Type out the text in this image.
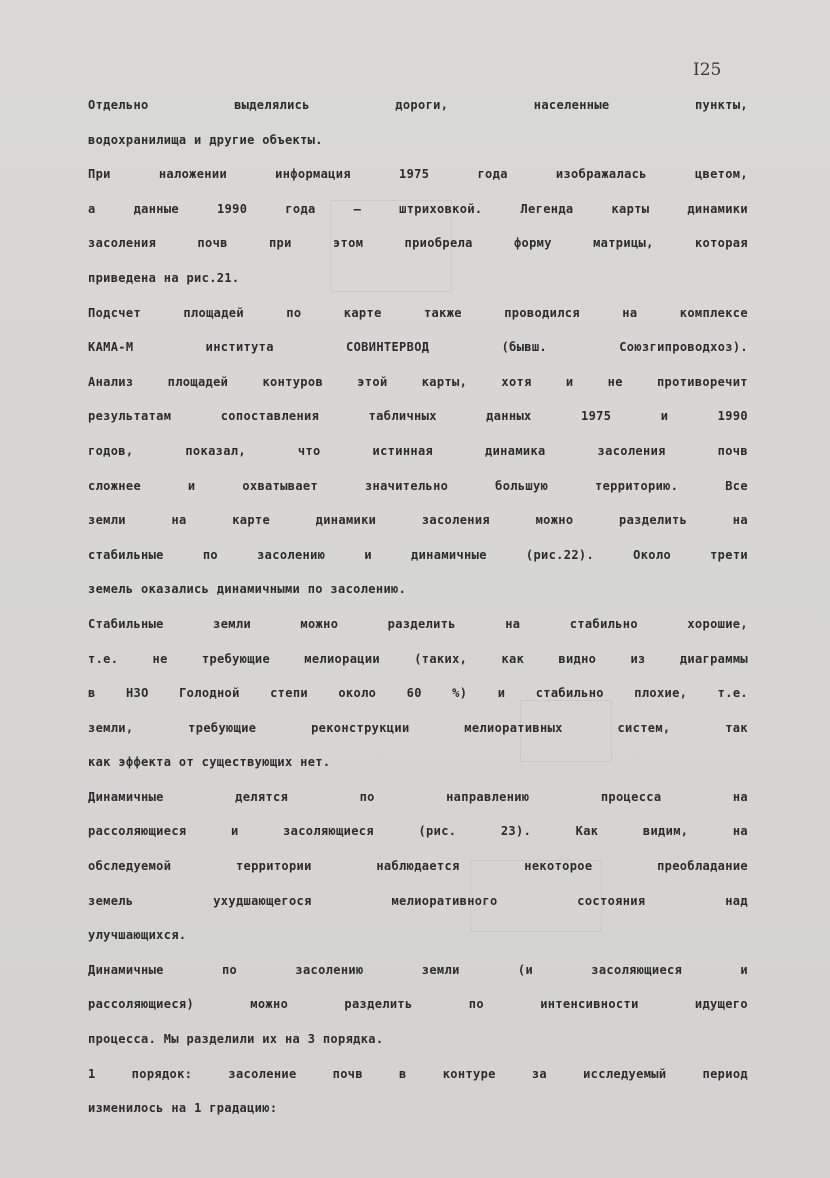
I25
Отдельно	выделялись	дороги,	населенные	пункты,
водохранилища и другие объекты.
При	наложении	информация	1975	года	изображалась	цветом,
а	данные	1990	года	–	штриховкой.	Легенда	карты	динамики
засоления	почв	при	этом	приобрела	форму	матрицы,	которая
приведена на рис.21.
Подсчет	площадей	по	карте	также	проводился	на	комплексе
КАМА-М	института	СОВИНТЕРВОД	(бывш.	Союзгипроводхоз).
Анализ	площадей	контуров	этой	карты,	хотя	и	не	противоречит
результатам	сопоставления	табличных	данных	1975	и	1990
годов,	показал,	что	истинная	динамика	засоления	почв
сложнее	и	охватывает	значительно	большую	территорию.	Все
земли	на	карте	динамики	засоления	можно	разделить	на
стабильные	по	засолению	и	динамичные	(рис.22).	Около	трети
земель оказались динамичными по засолению.
Стабильные	земли	можно	разделить	на	стабильно	хорошие,
т.е.	не	требующие	мелиорации	(таких,	как	видно	из	диаграммы
в	НЗО	Голодной	степи	около	60	%)	и	стабильно	плохие,	т.е.
земли,	требующие	реконструкции	мелиоративных	систем,	так
как эффекта от существующих нет.
Динамичные	делятся	по	направлению	процесса	на
рассоляющиеся	и	засоляющиеся	(рис.	23).	Как	видим,	на
обследуемой	территории	наблюдается	некоторое	преобладание
земель	ухудшающегося	мелиоративного	состояния	над
улучшающихся.
Динамичные	по	засолению	земли	(и	засоляющиеся	и
рассоляющиеся)	можно	разделить	по	интенсивности	идущего
процесса. Мы разделили их на 3 порядка.
1	порядок:	засоление	почв	в	контуре	за	исследуемый	период
изменилось на 1 градацию:
